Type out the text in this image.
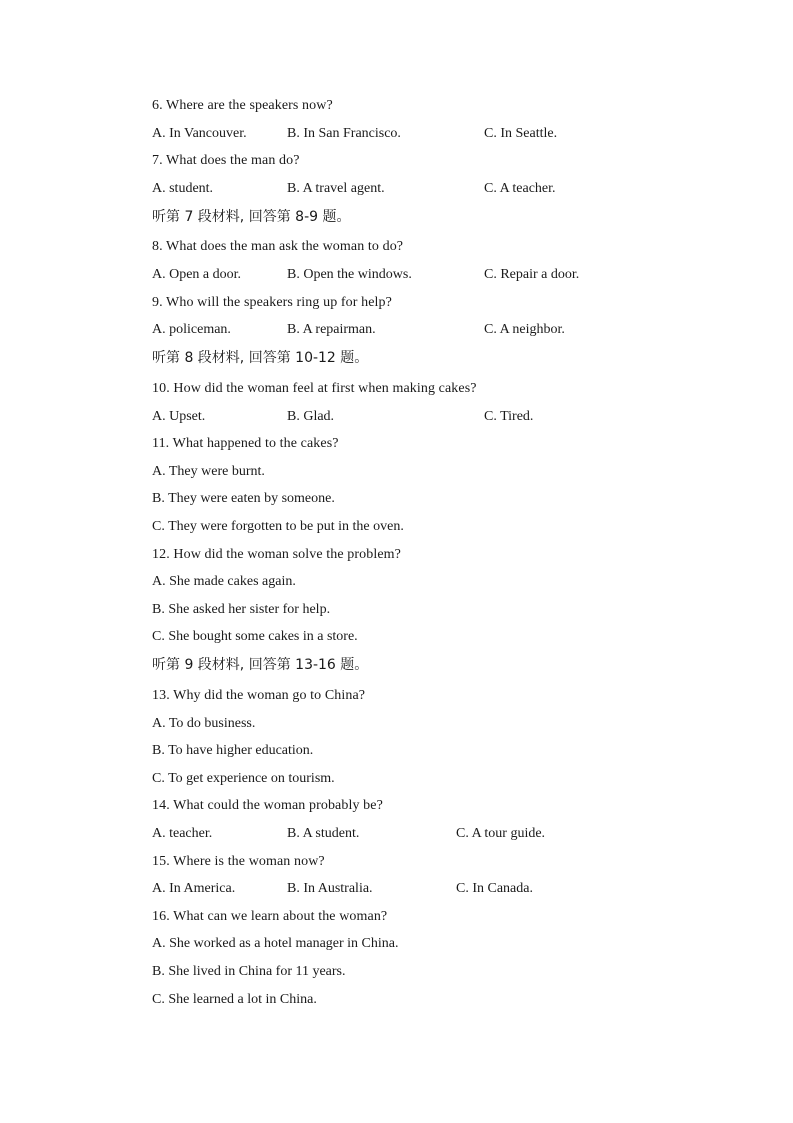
6. Where are the speakers now?
A. In Vancouver.	B. In San Francisco.	C. In Seattle.
7. What does the man do?
A. student.	B. A travel agent.	C. A teacher.
听第 7 段材料, 回答第 8-9 题。
8. What does the man ask the woman to do?
A. Open a door.	B. Open the windows.	C. Repair a door.
9. Who will the speakers ring up for help?
A. policeman.	B. A repairman.	C. A neighbor.
听第 8 段材料, 回答第 10-12 题。
10. How did the woman feel at first when making cakes?
A. Upset.	B. Glad.	C. Tired.
11. What happened to the cakes?
A. They were burnt.
B. They were eaten by someone.
C. They were forgotten to be put in the oven.
12. How did the woman solve the problem?
A. She made cakes again.
B. She asked her sister for help.
C. She bought some cakes in a store.
听第 9 段材料, 回答第 13-16 题。
13. Why did the woman go to China?
A. To do business.
B. To have higher education.
C. To get experience on tourism.
14. What could the woman probably be?
A. teacher.	B. A student.	C. A tour guide.
15. Where is the woman now?
A. In America.	B. In Australia.	C. In Canada.
16. What can we learn about the woman?
A. She worked as a hotel manager in China.
B. She lived in China for 11 years.
C. She learned a lot in China.
